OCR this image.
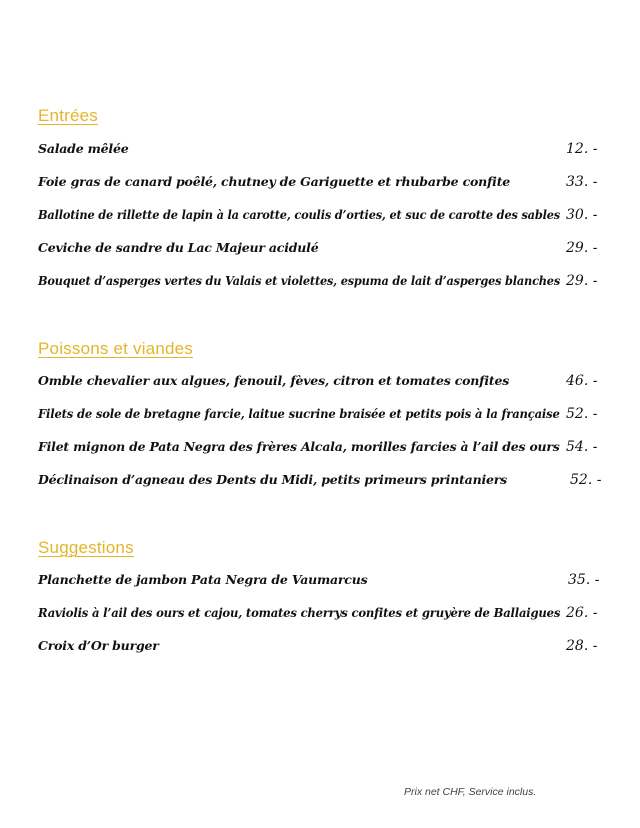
Entrées
Salade mêlée	12. -
Foie gras de canard poêlé, chutney de Gariguette et rhubarbe confite	33. -
Ballotine de rillette de lapin à la carotte, coulis d’orties, et suc de carotte des sables 30. -
Ceviche de sandre du Lac Majeur acidulé	29. -
Bouquet d’asperges vertes du Valais et violettes, espuma de lait d’asperges blanches 29. -
Poissons et viandes
Omble chevalier aux algues, fenouil, fèves, citron et tomates confites	46. -
Filets de sole de bretagne farcie, laitue sucrine braisée et petits pois à la française 52. -
Filet mignon de Pata Negra des frères Alcala, morilles farcies à l’ail des ours 54. -
Déclinaison d’agneau des Dents du Midi, petits primeurs printaniers	52. -
Suggestions
Planchette de jambon Pata Negra de Vaumarcus	35. -
Raviolis à l’ail des ours et cajou, tomates cherrys confites et gruyère de Ballaigues 26. -
Croix d’Or burger	28. -
Prix net CHF, Service inclus.
